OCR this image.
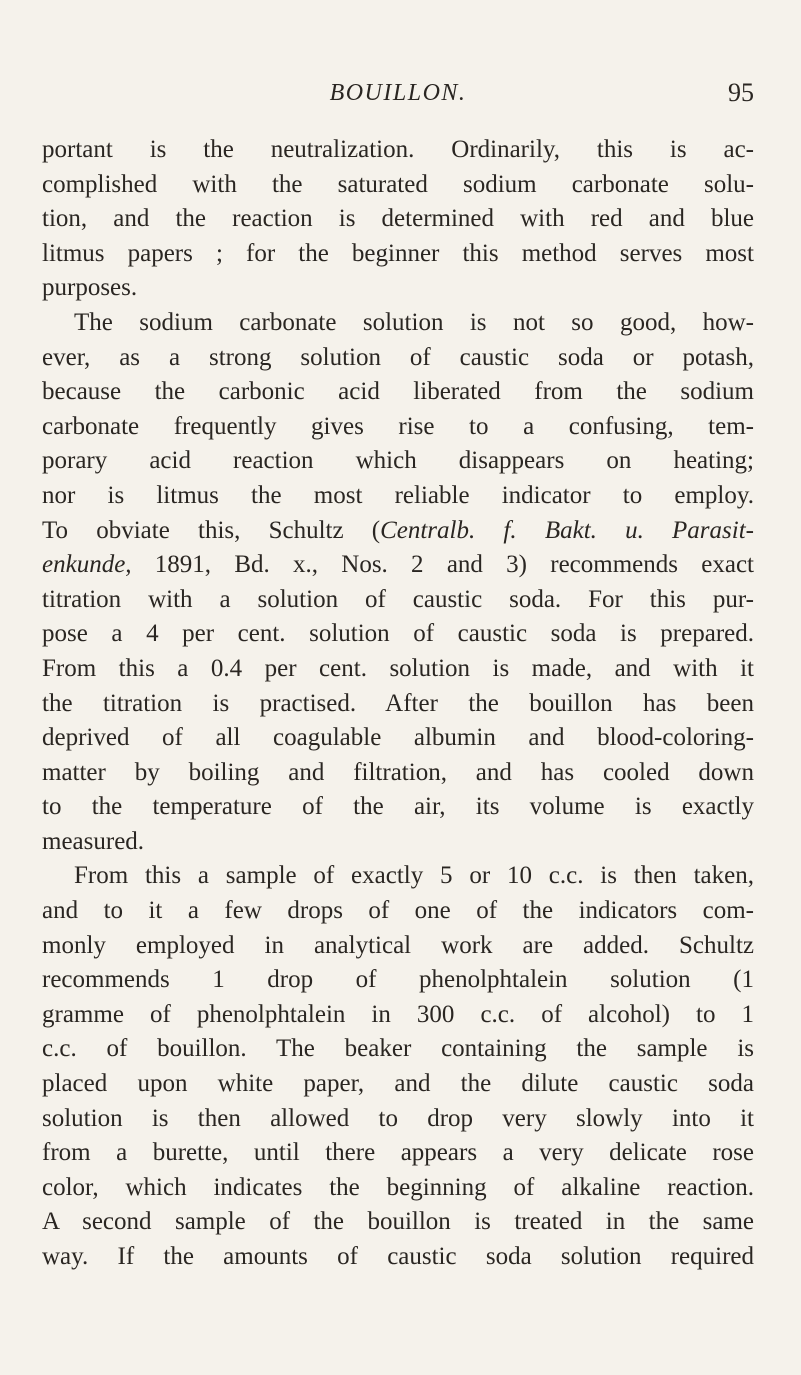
BOUILLON.	95
portant is the neutralization. Ordinarily, this is ac-
complished with the saturated sodium carbonate solu-
tion, and the reaction is determined with red and blue
litmus papers ; for the beginner this method serves most
purposes.
The sodium carbonate solution is not so good, how-
ever, as a strong solution of caustic soda or potash,
because the carbonic acid liberated from the sodium
carbonate frequently gives rise to a confusing, tem-
porary acid reaction which disappears on heating;
nor is litmus the most reliable indicator to employ.
To obviate this, Schultz (Centralb. f. Bakt. u. Parasit-
enkunde, 1891, Bd. x., Nos. 2 and 3) recommends exact
titration with a solution of caustic soda. For this pur-
pose a 4 per cent. solution of caustic soda is prepared.
From this a 0.4 per cent. solution is made, and with it
the titration is practised. After the bouillon has been
deprived of all coagulable albumin and blood-coloring-
matter by boiling and filtration, and has cooled down
to the temperature of the air, its volume is exactly
measured.
From this a sample of exactly 5 or 10 c.c. is then taken,
and to it a few drops of one of the indicators com-
monly employed in analytical work are added. Schultz
recommends 1 drop of phenolphtalein solution (1
gramme of phenolphtalein in 300 c.c. of alcohol) to 1
c.c. of bouillon. The beaker containing the sample is
placed upon white paper, and the dilute caustic soda
solution is then allowed to drop very slowly into it
from a burette, until there appears a very delicate rose
color, which indicates the beginning of alkaline reaction.
A second sample of the bouillon is treated in the same
way. If the amounts of caustic soda solution required
